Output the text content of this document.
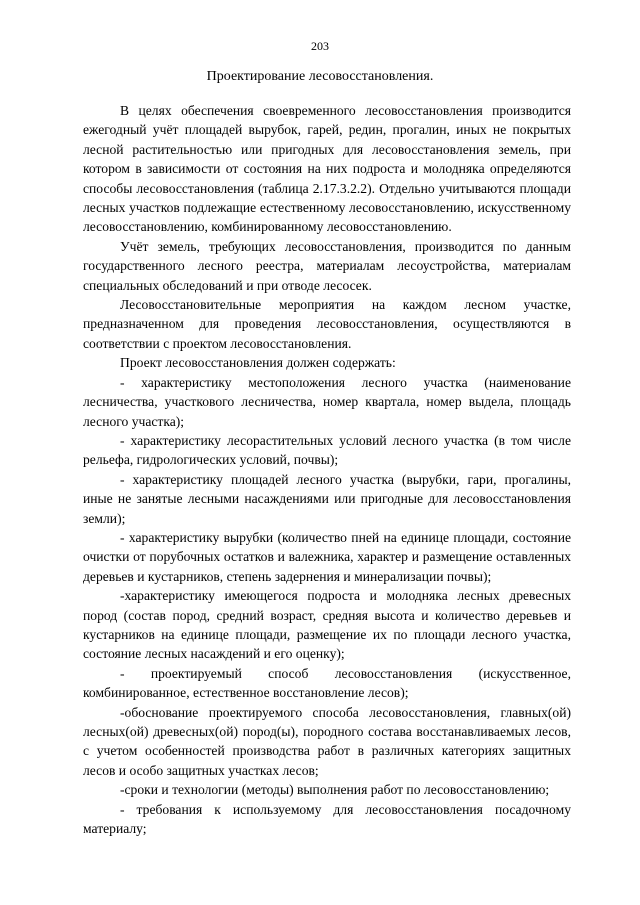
203
Проектирование лесовосстановления.

В целях обеспечения своевременного лесовосстановления производится ежегодный учёт площадей вырубок, гарей, редин, прогалин, иных не покрытых лесной растительностью или пригодных для лесовосстановления земель, при котором в зависимости от состояния на них подроста и молодняка определяются способы лесовосстановления (таблица 2.17.3.2.2). Отдельно учитываются площади лесных участков подлежащие естественному лесовосстановлению, искусственному лесовосстановлению, комбинированному лесовосстановлению.

Учёт земель, требующих лесовосстановления, производится по данным государственного лесного реестра, материалам лесоустройства, материалам специальных обследований и при отводе лесосек.

Лесовосстановительные мероприятия на каждом лесном участке, предназначенном для проведения лесовосстановления, осуществляются в соответствии с проектом лесовосстановления.

Проект лесовосстановления должен содержать:

- характеристику местоположения лесного участка (наименование лесничества, участкового лесничества, номер квартала, номер выдела, площадь лесного участка);

- характеристику лесорастительных условий лесного участка (в том числе рельефа, гидрологических условий, почвы);

- характеристику площадей лесного участка (вырубки, гари, прогалины, иные не занятые лесными насаждениями или пригодные для лесовосстановления земли);

- характеристику вырубки (количество пней на единице площади, состояние очистки от порубочных остатков и валежника, характер и размещение оставленных деревьев и кустарников, степень задернения и минерализации почвы);

-характеристику имеющегося подроста и молодняка лесных древесных пород (состав пород, средний возраст, средняя высота и количество деревьев и кустарников на единице площади, размещение их по площади лесного участка, состояние лесных насаждений и его оценку);

- проектируемый способ лесовосстановления (искусственное, комбинированное, естественное восстановление лесов);

-обоснование проектируемого способа лесовосстановления, главных(ой) лесных(ой) древесных(ой) пород(ы), породного состава восстанавливаемых лесов, с учетом особенностей производства работ в различных категориях защитных лесов и особо защитных участках лесов;

-сроки и технологии (методы) выполнения работ по лесовосстановлению;

- требования к используемому для лесовосстановления посадочному материалу;
